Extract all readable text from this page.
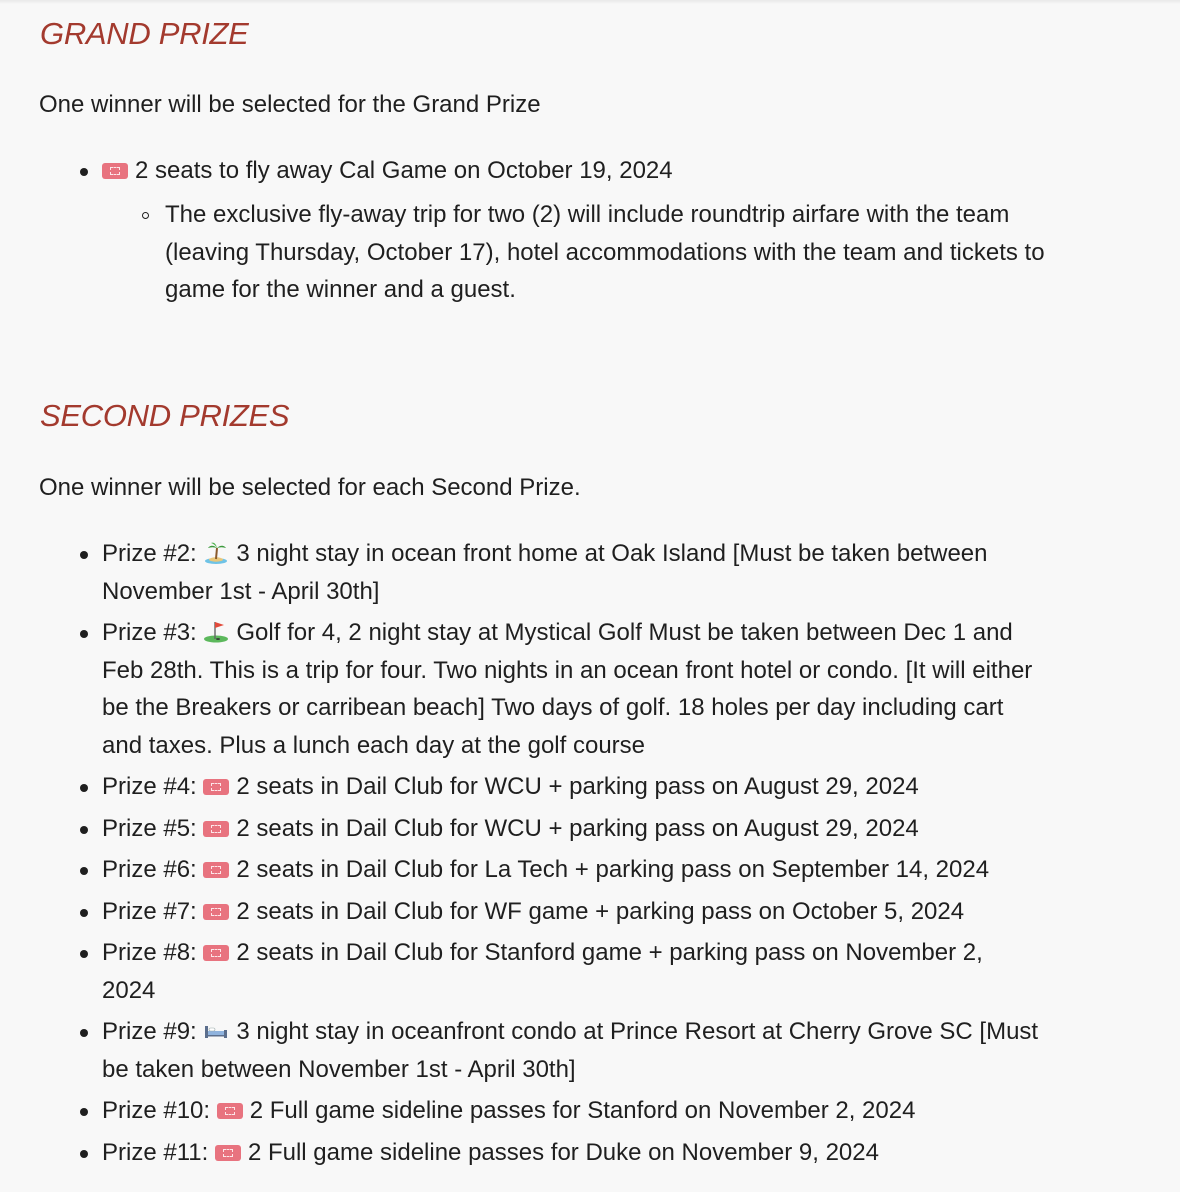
GRAND PRIZE

One winner will be selected for the Grand Prize

2 seats to fly away Cal Game on October 19, 2024
The exclusive fly-away trip for two (2) will include roundtrip airfare with the team (leaving Thursday, October 17), hotel accommodations with the team and tickets to game for the winner and a guest.
SECOND PRIZES

One winner will be selected for each Second Prize.

Prize #2: 3 night stay in ocean front home at Oak Island [Must be taken between November 1st - April 30th]
Prize #3: Golf for 4, 2 night stay at Mystical Golf Must be taken between Dec 1 and Feb 28th. This is a trip for four. Two nights in an ocean front hotel or condo. [It will either be the Breakers or carribean beach] Two days of golf. 18 holes per day including cart and taxes. Plus a lunch each day at the golf course
Prize #4: 2 seats in Dail Club for WCU + parking pass on August 29, 2024
Prize #5: 2 seats in Dail Club for WCU + parking pass on August 29, 2024
Prize #6: 2 seats in Dail Club for La Tech + parking pass on September 14, 2024
Prize #7: 2 seats in Dail Club for WF game + parking pass on October 5, 2024
Prize #8: 2 seats in Dail Club for Stanford game + parking pass on November 2, 2024
Prize #9: 3 night stay in oceanfront condo at Prince Resort at Cherry Grove SC [Must be taken between November 1st - April 30th]
Prize #10: 2 Full game sideline passes for Stanford on November 2, 2024
Prize #11: 2 Full game sideline passes for Duke on November 9, 2024
